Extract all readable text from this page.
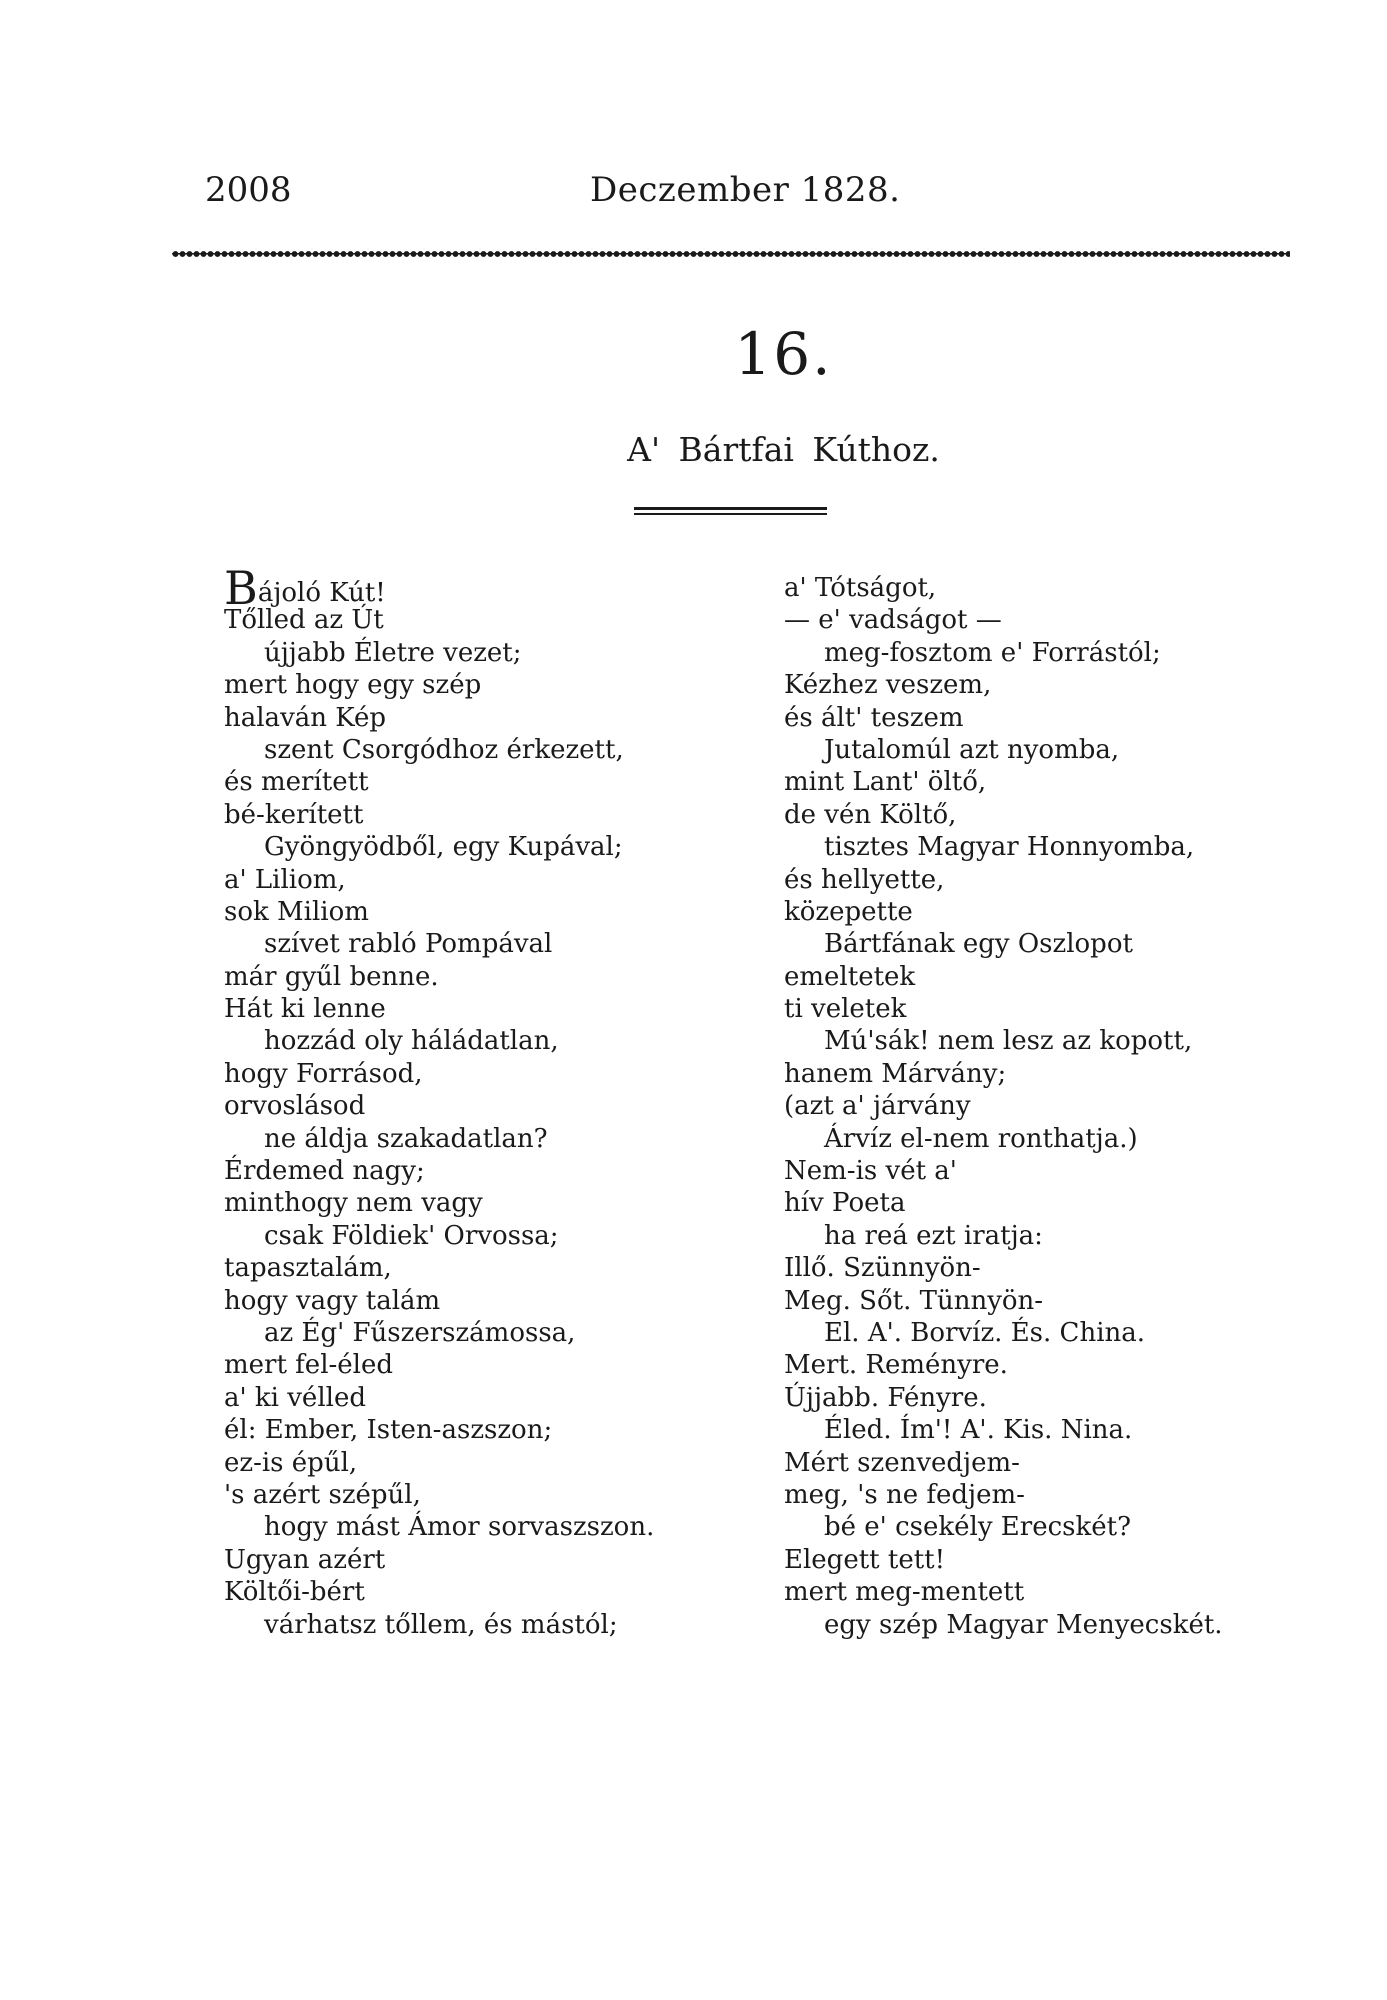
2008	Deczember 1828.
16.
A' Bártfai Kúthoz.
Bájoló Kút!
Tőlled az Út
újjabb Életre vezet;
mert hogy egy szép
halaván Kép
szent Csorgódhoz érkezett,
és merített
bé-kerített
Gyöngyödből, egy Kupával;
a' Liliom,
sok Miliom
szívet rabló Pompával
már gyűl benne.
Hát ki lenne
hozzád oly háládatlan,
hogy Forrásod,
orvoslásod
ne áldja szakadatlan?
Érdemed nagy;
minthogy nem vagy
csak Földiek' Orvossa;
tapasztalám,
hogy vagy talám
az Ég' Fűszerszámossa,
mert fel-éled
a' ki vélled
él: Ember, Isten-aszszon;
ez-is épűl,
's azért szépűl,
hogy mást Ámor sorvaszszon.
Ugyan azért
Költői-bért
várhatsz tőllem, és mástól;
a' Tótságot,
— e' vadságot —
meg-fosztom e' Forrástól;
Kézhez veszem,
és ált' teszem
Jutalomúl azt nyomba,
mint Lant' öltő,
de vén Költő,
tisztes Magyar Honnyomba,
és hellyette,
közepette
Bártfának egy Oszlopot
emeltetek
ti veletek
Mú'sák! nem lesz az kopott,
hanem Márvány;
(azt a' járvány
Árvíz el-nem ronthatja.)
Nem-is vét a'
hív Poeta
ha reá ezt iratja:
Illő. Szünnyön-
Meg. Sőt. Tünnyön-
El. A'. Borvíz. És. China.
Mert. Reményre.
Újjabb. Fényre.
Éled. Ím'! A'. Kis. Nina.
Mért szenvedjem-
meg, 's ne fedjem-
bé e' csekély Erecskét?
Elegett tett!
mert meg-mentett
egy szép Magyar Menyecskét.
